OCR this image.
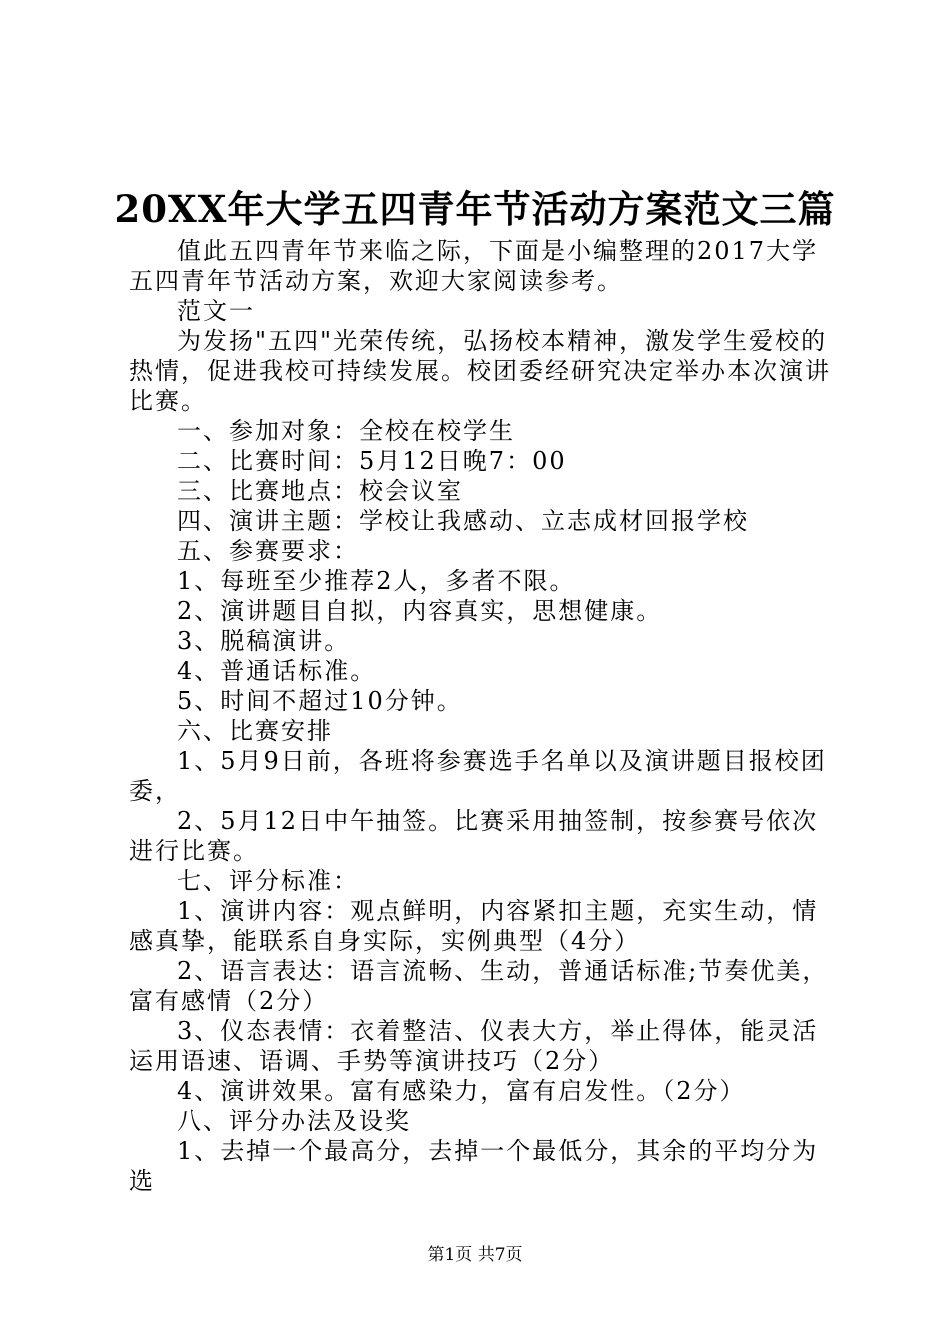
20XX年大学五四青年节活动方案范文三篇

值此五四青年节来临之际，下面是小编整理的2017大学五四青年节活动方案，欢迎大家阅读参考。

范文一

为发扬"五四"光荣传统，弘扬校本精神，激发学生爱校的热情，促进我校可持续发展。校团委经研究决定举办本次演讲比赛。

一、参加对象：全校在校学生

二、比赛时间：5月12日晚7：00

三、比赛地点：校会议室

四、演讲主题：学校让我感动、立志成材回报学校

五、参赛要求：

1、每班至少推荐2人，多者不限。

2、演讲题目自拟，内容真实，思想健康。

3、脱稿演讲。

4、普通话标准。

5、时间不超过10分钟。

六、比赛安排

1、5月9日前，各班将参赛选手名单以及演讲题目报校团委，

2、5月12日中午抽签。比赛采用抽签制，按参赛号依次进行比赛。

七、评分标准：

1、演讲内容：观点鲜明，内容紧扣主题，充实生动，情感真挚，能联系自身实际，实例典型（4分）

2、语言表达：语言流畅、生动，普通话标准;节奏优美，富有感情（2分）

3、仪态表情：衣着整洁、仪表大方，举止得体，能灵活运用语速、语调、手势等演讲技巧（2分）

4、演讲效果。富有感染力，富有启发性。（2分）

八、评分办法及设奖

1、去掉一个最高分，去掉一个最低分，其余的平均分为选

第1页 共7页
